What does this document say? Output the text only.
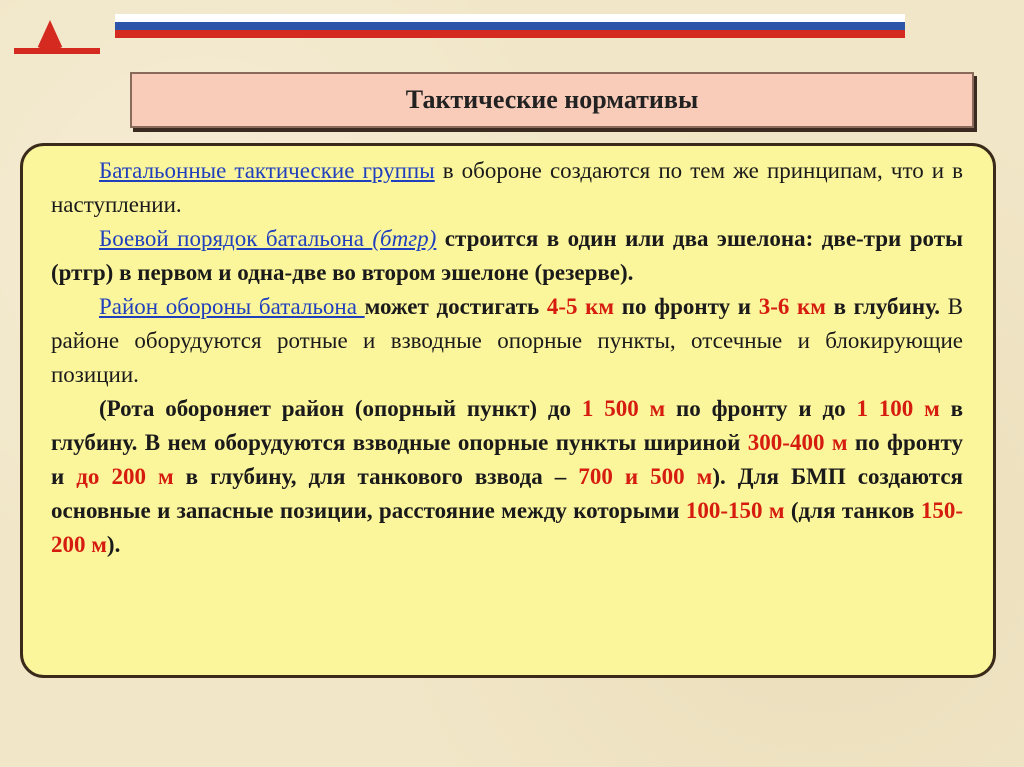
Тактические нормативы

Батальонные тактические группы в обороне создаются по тем же принципам, что и в наступлении.

Боевой порядок батальона (бтгр) строится в один или два эшелона: две-три роты (ртгр) в первом и одна-две во втором эшелоне (резерве).

Район обороны батальона может достигать 4-5 км по фронту и 3-6 км в глубину. В районе оборудуются ротные и взводные опорные пункты, отсечные и блокирующие позиции.

(Рота обороняет район (опорный пункт) до 1 500 м по фронту и до 1 100 м в глубину. В нем оборудуются взводные опорные пункты шириной 300-400 м по фронту и до 200 м в глубину, для танкового взвода – 700 и 500 м). Для БМП создаются основные и запасные позиции, расстояние между которыми 100-150 м (для танков 150-200 м).
